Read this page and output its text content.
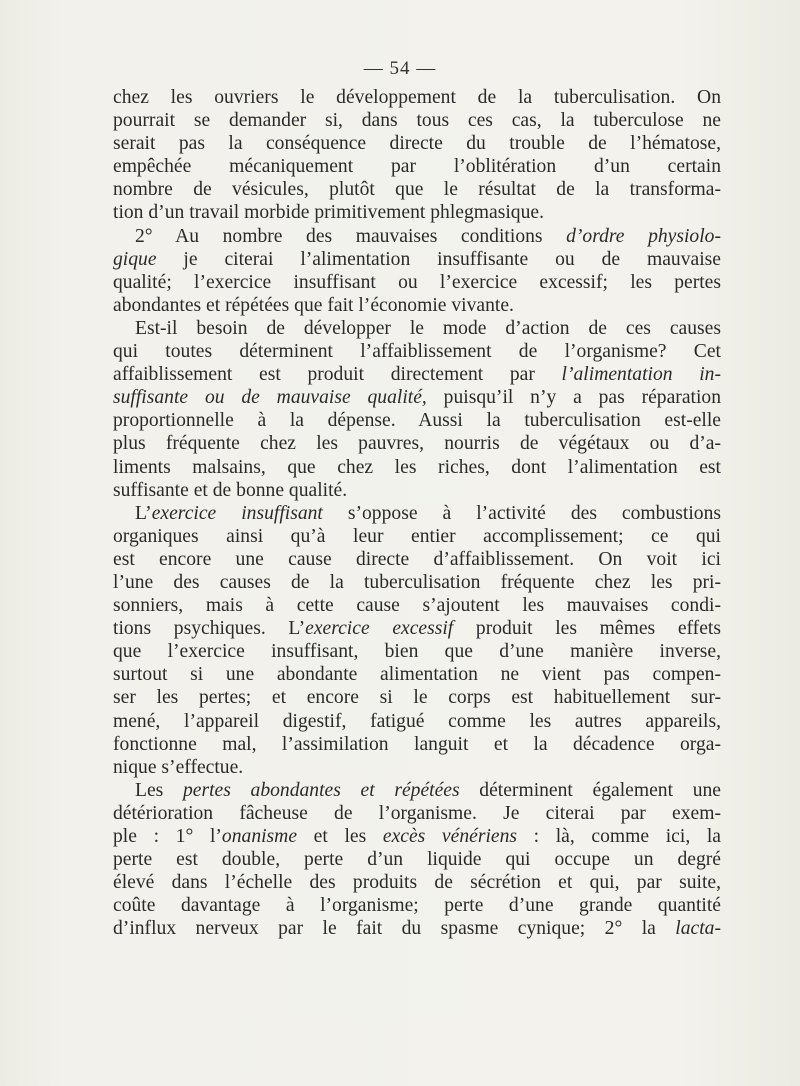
— 54 —
chez les ouvriers le développement de la tuberculisation. On
pourrait se demander si, dans tous ces cas, la tuberculose ne
serait pas la conséquence directe du trouble de l’hématose,
empêchée mécaniquement par l’oblitération d’un certain
nombre de vésicules, plutôt que le résultat de la transforma-
tion d’un travail morbide primitivement phlegmasique.
2° Au nombre des mauvaises conditions d’ordre physiolo-
gique je citerai l’alimentation insuffisante ou de mauvaise
qualité; l’exercice insuffisant ou l’exercice excessif; les pertes
abondantes et répétées que fait l’économie vivante.
Est-il besoin de développer le mode d’action de ces causes
qui toutes déterminent l’affaiblissement de l’organisme? Cet
affaiblissement est produit directement par l’alimentation in-
suffisante ou de mauvaise qualité, puisqu’il n’y a pas réparation
proportionnelle à la dépense. Aussi la tuberculisation est-elle
plus fréquente chez les pauvres, nourris de végétaux ou d’a-
liments malsains, que chez les riches, dont l’alimentation est
suffisante et de bonne qualité.
L’exercice insuffisant s’oppose à l’activité des combustions
organiques ainsi qu’à leur entier accomplissement; ce qui
est encore une cause directe d’affaiblissement. On voit ici
l’une des causes de la tuberculisation fréquente chez les pri-
sonniers, mais à cette cause s’ajoutent les mauvaises condi-
tions psychiques. L’exercice excessif produit les mêmes effets
que l’exercice insuffisant, bien que d’une manière inverse,
surtout si une abondante alimentation ne vient pas compen-
ser les pertes; et encore si le corps est habituellement sur-
mené, l’appareil digestif, fatigué comme les autres appareils,
fonctionne mal, l’assimilation languit et la décadence orga-
nique s’effectue.
Les pertes abondantes et répétées déterminent également une
détérioration fâcheuse de l’organisme. Je citerai par exem-
ple : 1° l’onanisme et les excès vénériens : là, comme ici, la
perte est double, perte d’un liquide qui occupe un degré
élevé dans l’échelle des produits de sécrétion et qui, par suite,
coûte davantage à l’organisme; perte d’une grande quantité
d’influx nerveux par le fait du spasme cynique; 2° la lacta-
